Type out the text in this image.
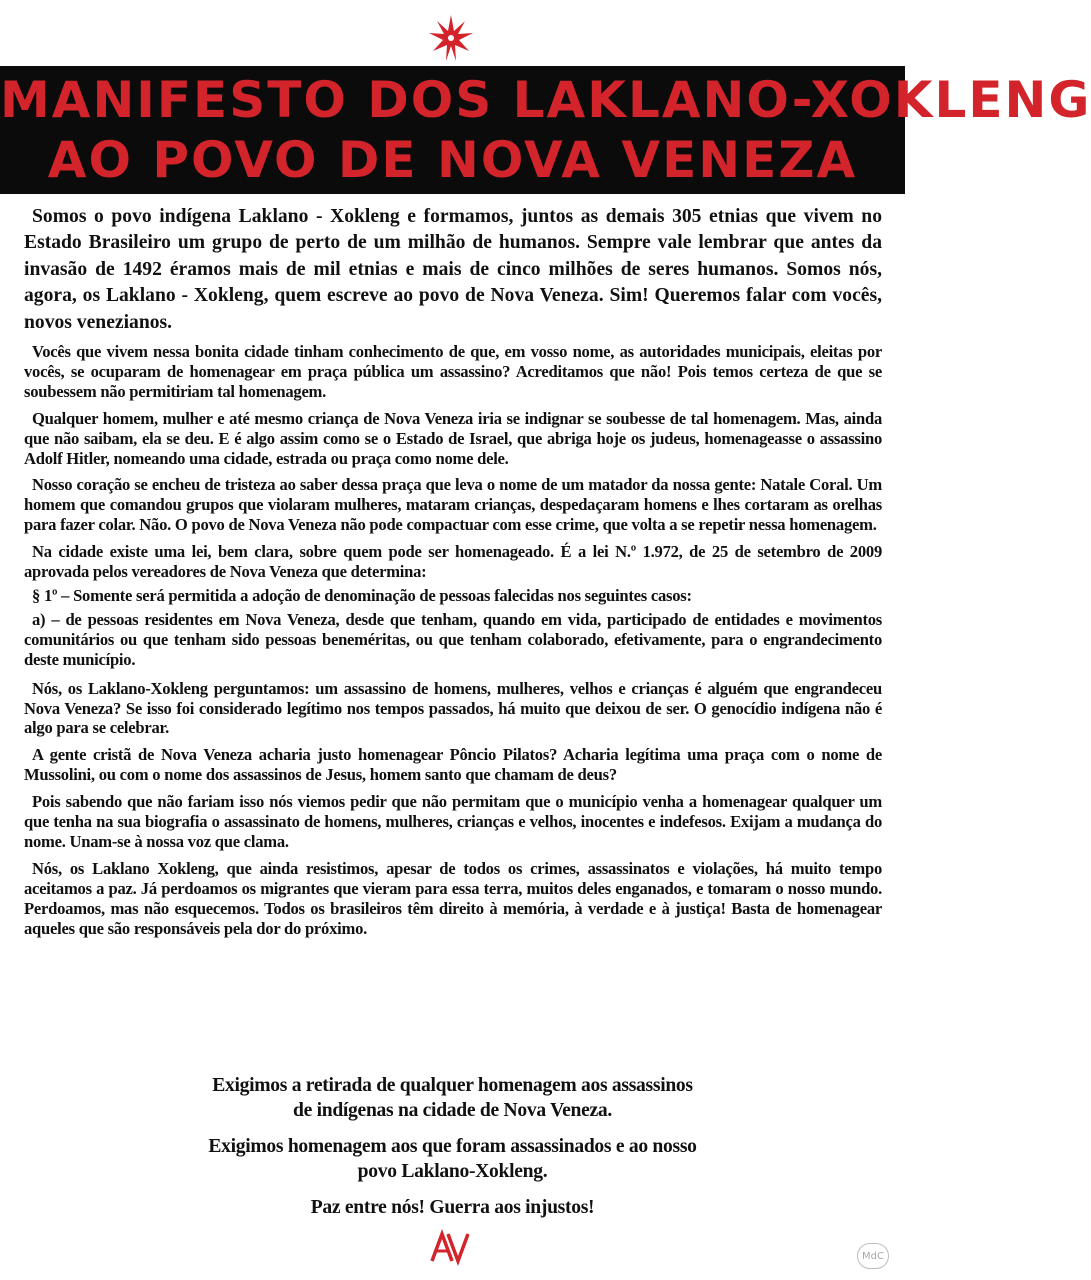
MANIFESTO DOS LAKLANO-XOKLENG
AO POVO DE NOVA VENEZA

Somos o povo indígena Laklano - Xokleng e formamos, juntos as demais 305 etnias que vivem no Estado Brasileiro um grupo de perto de um milhão de humanos. Sempre vale lembrar que antes da invasão de 1492 éramos mais de mil etnias e mais de cinco milhões de seres humanos. Somos nós, agora, os Laklano - Xokleng, quem escreve ao povo de Nova Veneza. Sim! Queremos falar com vocês, novos venezianos.

Vocês que vivem nessa bonita cidade tinham conhecimento de que, em vosso nome, as autoridades municipais, eleitas por vocês, se ocuparam de homenagear em praça pública um assassino? Acreditamos que não! Pois temos certeza de que se soubessem não permitiriam tal homenagem.

Qualquer homem, mulher e até mesmo criança de Nova Veneza iria se indignar se soubesse de tal homenagem. Mas, ainda que não saibam, ela se deu. E é algo assim como se o Estado de Israel, que abriga hoje os judeus, homenageasse o assassino Adolf Hitler, nomeando uma cidade, estrada ou praça como nome dele.

Nosso coração se encheu de tristeza ao saber dessa praça que leva o nome de um matador da nossa gente: Natale Coral. Um homem que comandou grupos que violaram mulheres, mataram crianças, despedaçaram homens e lhes cortaram as orelhas para fazer colar. Não. O povo de Nova Veneza não pode compactuar com esse crime, que volta a se repetir nessa homenagem.

Na cidade existe uma lei, bem clara, sobre quem pode ser homenageado. É a lei N.º 1.972, de 25 de setembro de 2009 aprovada pelos vereadores de Nova Veneza que determina:

§ 1º – Somente será permitida a adoção de denominação de pessoas falecidas nos seguintes casos:

a) – de pessoas residentes em Nova Veneza, desde que tenham, quando em vida, participado de entidades e movimentos comunitários ou que tenham sido pessoas beneméritas, ou que tenham colaborado, efetivamente, para o engrandecimento deste município.

Nós, os Laklano-Xokleng perguntamos: um assassino de homens, mulheres, velhos e crianças é alguém que engrandeceu Nova Veneza? Se isso foi considerado legítimo nos tempos passados, há muito que deixou de ser. O genocídio indígena não é algo para se celebrar.

A gente cristã de Nova Veneza acharia justo homenagear Pôncio Pilatos? Acharia legítima uma praça com o nome de Mussolini, ou com o nome dos assassinos de Jesus, homem santo que chamam de deus?

Pois sabendo que não fariam isso nós viemos pedir que não permitam que o município venha a homenagear qualquer um que tenha na sua biografia o assassinato de homens, mulheres, crianças e velhos, inocentes e indefesos. Exijam a mudança do nome. Unam-se à nossa voz que clama.

Nós, os Laklano Xokleng, que ainda resistimos, apesar de todos os crimes, assassinatos e violações, há muito tempo aceitamos a paz. Já perdoamos os migrantes que vieram para essa terra, muitos deles enganados, e tomaram o nosso mundo. Perdoamos, mas não esquecemos. Todos os brasileiros têm direito à memória, à verdade e à justiça! Basta de homenagear aqueles que são responsáveis pela dor do próximo.

Exigimos a retirada de qualquer homenagem aos assassinos
de indígenas na cidade de Nova Veneza.

Exigimos homenagem aos que foram assassinados e ao nosso
povo Laklano-Xokleng.

Paz entre nós! Guerra aos injustos!

MdC
